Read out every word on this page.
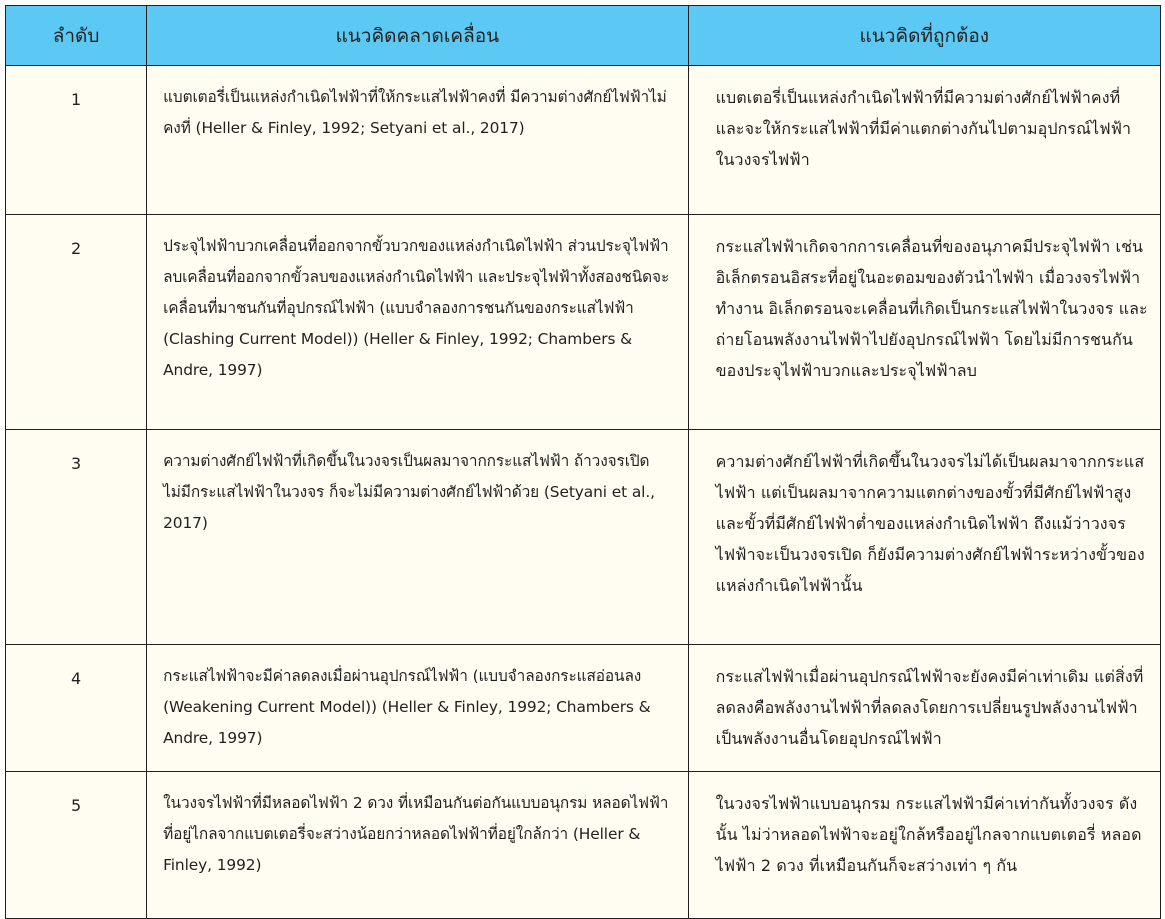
ลำดับ	แนวคิดคลาดเคลื่อน	แนวคิดที่ถูกต้อง
1	แบตเตอรี่เป็นแหล่งกำเนิดไฟฟ้าที่ให้กระแสไฟฟ้าคงที่ มีความต่างศักย์ไฟฟ้าไม่คงที่ (Heller & Finley, 1992; Setyani et al., 2017)	แบตเตอรี่เป็นแหล่งกำเนิดไฟฟ้าที่มีความต่างศักย์ไฟฟ้าคงที่ และจะให้กระแสไฟฟ้าที่มีค่าแตกต่างกันไปตามอุปกรณ์ไฟฟ้าในวงจรไฟฟ้า
2	ประจุไฟฟ้าบวกเคลื่อนที่ออกจากขั้วบวกของแหล่งกำเนิดไฟฟ้า ส่วนประจุไฟฟ้าลบเคลื่อนที่ออกจากขั้วลบของแหล่งกำเนิดไฟฟ้า และประจุไฟฟ้าทั้งสองชนิดจะเคลื่อนที่มาชนกันที่อุปกรณ์ไฟฟ้า (แบบจำลองการชนกันของกระแสไฟฟ้า (Clashing Current Model)) (Heller & Finley, 1992; Chambers & Andre, 1997)	กระแสไฟฟ้าเกิดจากการเคลื่อนที่ของอนุภาคมีประจุไฟฟ้า เช่น อิเล็กตรอนอิสระที่อยู่ในอะตอมของตัวนำไฟฟ้า เมื่อวงจรไฟฟ้าทำงาน อิเล็กตรอนจะเคลื่อนที่เกิดเป็นกระแสไฟฟ้าในวงจร และถ่ายโอนพลังงานไฟฟ้าไปยังอุปกรณ์ไฟฟ้า โดยไม่มีการชนกันของประจุไฟฟ้าบวกและประจุไฟฟ้าลบ
3	ความต่างศักย์ไฟฟ้าที่เกิดขึ้นในวงจรเป็นผลมาจากกระแสไฟฟ้า ถ้าวงจรเปิด ไม่มีกระแสไฟฟ้าในวงจร ก็จะไม่มีความต่างศักย์ไฟฟ้าด้วย (Setyani et al., 2017)	ความต่างศักย์ไฟฟ้าที่เกิดขึ้นในวงจรไม่ได้เป็นผลมาจากกระแสไฟฟ้า แต่เป็นผลมาจากความแตกต่างของขั้วที่มีศักย์ไฟฟ้าสูงและขั้วที่มีศักย์ไฟฟ้าต่ำของแหล่งกำเนิดไฟฟ้า ถึงแม้ว่าวงจรไฟฟ้าจะเป็นวงจรเปิด ก็ยังมีความต่างศักย์ไฟฟ้าระหว่างขั้วของแหล่งกำเนิดไฟฟ้านั้น
4	กระแสไฟฟ้าจะมีค่าลดลงเมื่อผ่านอุปกรณ์ไฟฟ้า (แบบจำลองกระแสอ่อนลง (Weakening Current Model)) (Heller & Finley, 1992; Chambers & Andre, 1997)	กระแสไฟฟ้าเมื่อผ่านอุปกรณ์ไฟฟ้าจะยังคงมีค่าเท่าเดิม แต่สิ่งที่ลดลงคือพลังงานไฟฟ้าที่ลดลงโดยการเปลี่ยนรูปพลังงานไฟฟ้าเป็นพลังงานอื่นโดยอุปกรณ์ไฟฟ้า
5	ในวงจรไฟฟ้าที่มีหลอดไฟฟ้า 2 ดวง ที่เหมือนกันต่อกันแบบอนุกรม หลอดไฟฟ้าที่อยู่ไกลจากแบตเตอรี่จะสว่างน้อยกว่าหลอดไฟฟ้าที่อยู่ใกล้กว่า (Heller & Finley, 1992)	ในวงจรไฟฟ้าแบบอนุกรม กระแสไฟฟ้ามีค่าเท่ากันทั้งวงจร ดังนั้น ไม่ว่าหลอดไฟฟ้าจะอยู่ใกล้หรืออยู่ไกลจากแบตเตอรี่ หลอดไฟฟ้า 2 ดวง ที่เหมือนกันก็จะสว่างเท่า ๆ กัน
